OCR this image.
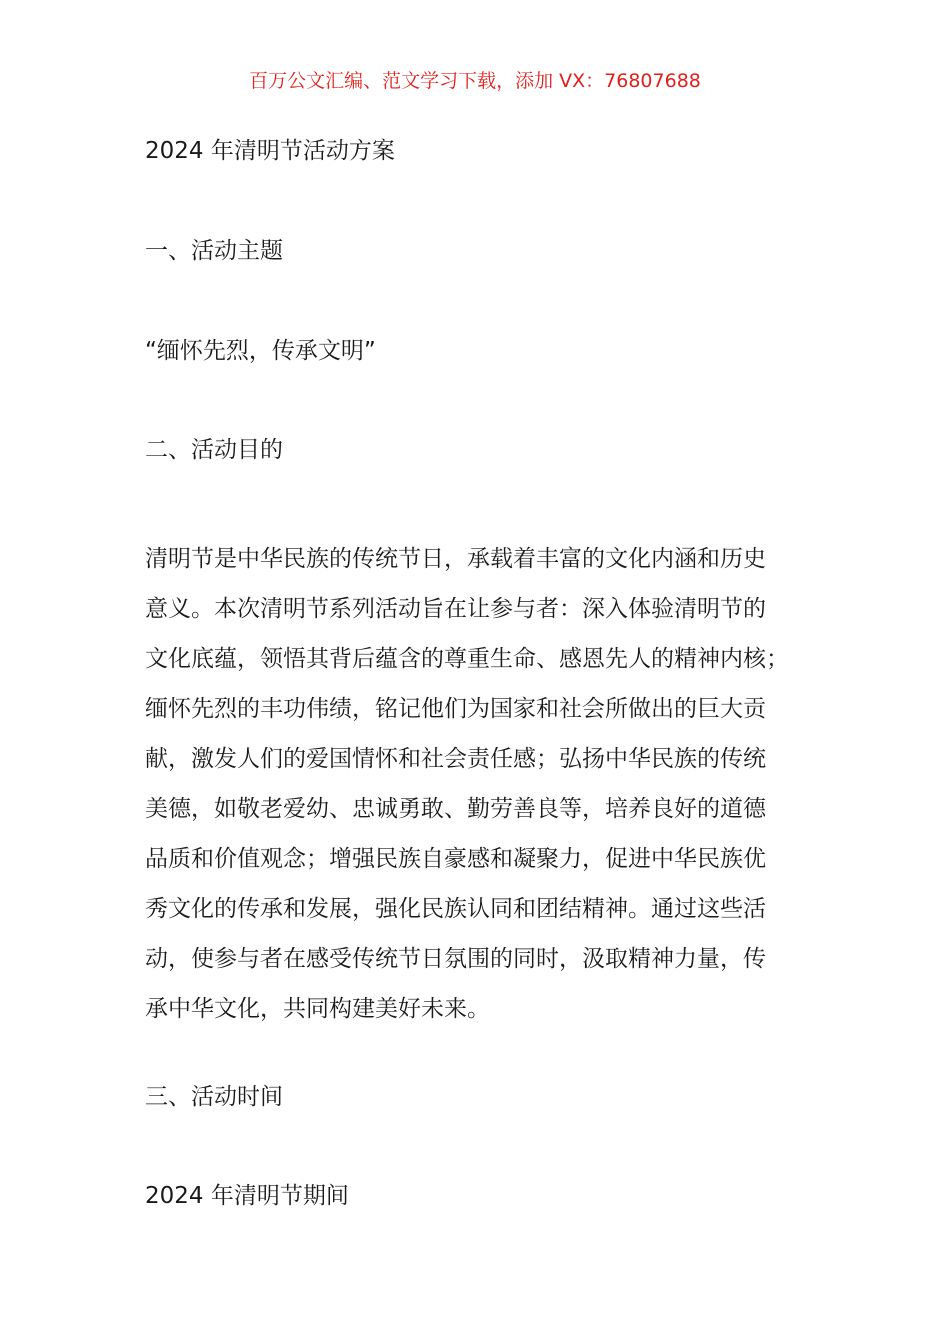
百万公文汇编、范文学习下载，添加 VX：76807688
2024 年清明节活动方案
一、活动主题
“缅怀先烈，传承文明”
二、活动目的

清明节是中华民族的传统节日，承载着丰富的文化内涵和历史
意义。本次清明节系列活动旨在让参与者：深入体验清明节的
文化底蕴，领悟其背后蕴含的尊重生命、感恩先人的精神内核；
缅怀先烈的丰功伟绩，铭记他们为国家和社会所做出的巨大贡
献，激发人们的爱国情怀和社会责任感；弘扬中华民族的传统
美德，如敬老爱幼、忠诚勇敢、勤劳善良等，培养良好的道德
品质和价值观念；增强民族自豪感和凝聚力，促进中华民族优
秀文化的传承和发展，强化民族认同和团结精神。通过这些活
动，使参与者在感受传统节日氛围的同时，汲取精神力量，传
承中华文化，共同构建美好未来。

三、活动时间
2024 年清明节期间
